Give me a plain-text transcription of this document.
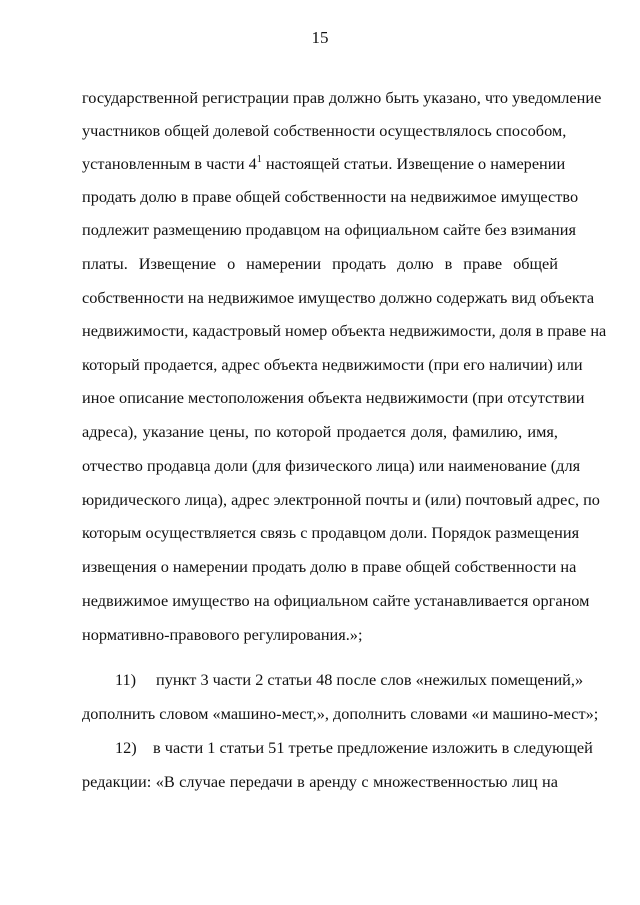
15
государственной регистрации прав должно быть указано, что уведомление
участников общей долевой собственности осуществлялось способом,
установленным в части $4^1$ настоящей статьи. Извещение о намерении
продать долю в праве общей собственности на недвижимое имущество
подлежит размещению продавцом на официальном сайте без взимания
платы. Извещение о намерении продать долю в праве общей
собственности на недвижимое имущество должно содержать вид объекта
недвижимости, кадастровый номер объекта недвижимости, доля в праве на
который продается, адрес объекта недвижимости (при его наличии) или
иное описание местоположения объекта недвижимости (при отсутствии
адреса), указание цены, по которой продается доля, фамилию, имя,
отчество продавца доли (для физического лица) или наименование (для
юридического лица), адрес электронной почты и (или) почтовый адрес, по
которым осуществляется связь с продавцом доли. Порядок размещения
извещения о намерении продать долю в праве общей собственности на
недвижимое имущество на официальном сайте устанавливается органом
нормативно-правового регулирования.»;
11) пункт 3 части 2 статьи 48 после слов «нежилых помещений,»
дополнить словом «машино-мест,», дополнить словами «и машино-мест»;
12) в части 1 статьи 51 третье предложение изложить в следующей
редакции: «В случае передачи в аренду с множественностью лиц на
